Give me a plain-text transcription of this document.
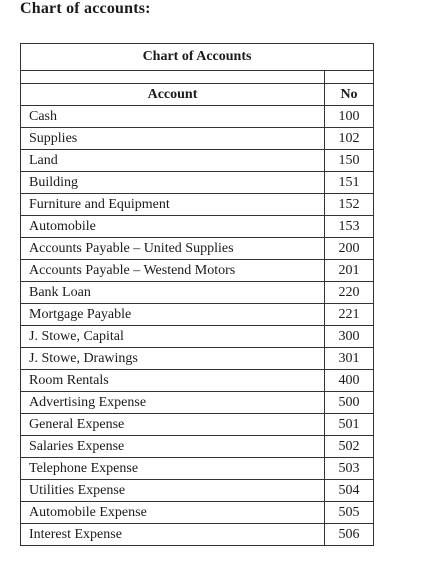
Chart of accounts:
Chart of Accounts	

Account	No
Cash	100
Supplies	102
Land	150
Building	151
Furniture and Equipment	152
Automobile	153
Accounts Payable – United Supplies	200
Accounts Payable – Westend Motors	201
Bank Loan	220
Mortgage Payable	221
J. Stowe, Capital	300
J. Stowe, Drawings	301
Room Rentals	400
Advertising Expense	500
General Expense	501
Salaries Expense	502
Telephone Expense	503
Utilities Expense	504
Automobile Expense	505
Interest Expense	506
